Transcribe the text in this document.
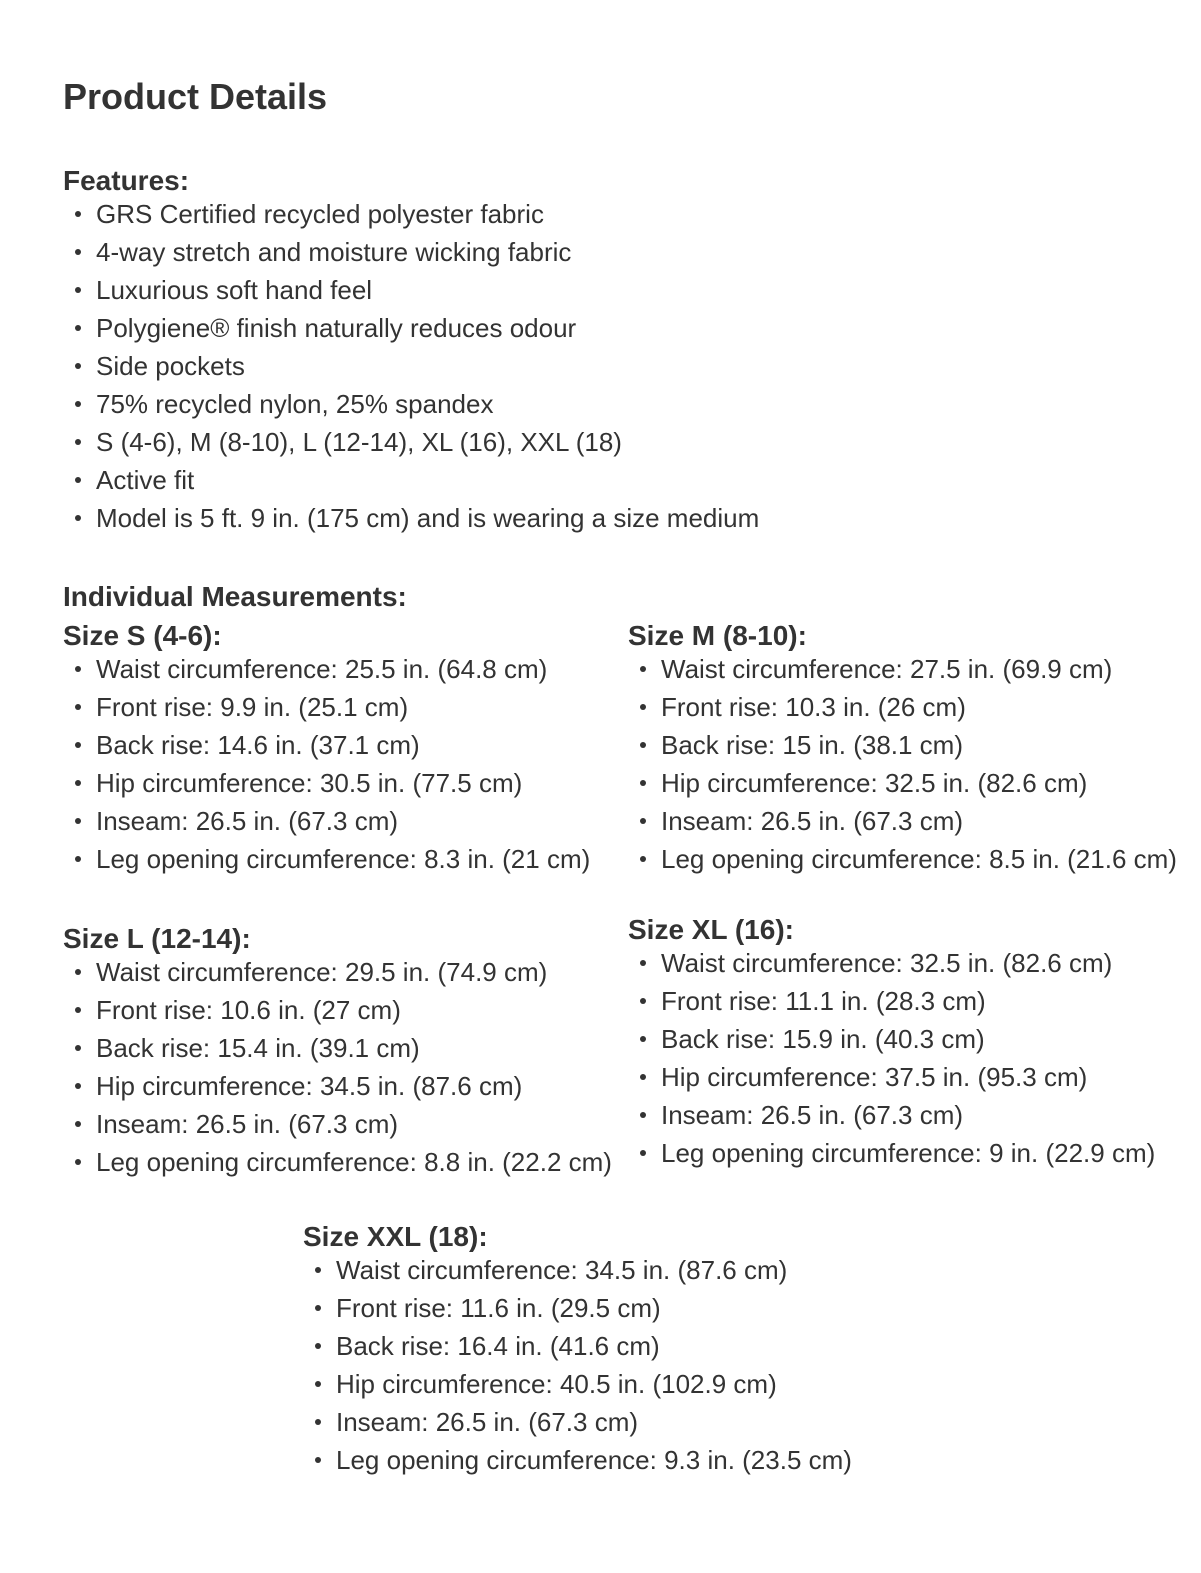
Product Details
Features:
GRS Certified recycled polyester fabric
4-way stretch and moisture wicking fabric
Luxurious soft hand feel
Polygiene® finish naturally reduces odour
Side pockets
75% recycled nylon, 25% spandex
S (4-6), M (8-10), L (12-14), XL (16), XXL (18)
Active fit
Model is 5 ft. 9 in. (175 cm) and is wearing a size medium
Individual Measurements:
Size S (4-6):
Waist circumference: 25.5 in. (64.8 cm)
Front rise: 9.9 in. (25.1 cm)
Back rise: 14.6 in. (37.1 cm)
Hip circumference: 30.5 in. (77.5 cm)
Inseam: 26.5 in. (67.3 cm)
Leg opening circumference: 8.3 in. (21 cm)
Size M (8-10):
Waist circumference: 27.5 in. (69.9 cm)
Front rise: 10.3 in. (26 cm)
Back rise: 15 in. (38.1 cm)
Hip circumference: 32.5 in. (82.6 cm)
Inseam: 26.5 in. (67.3 cm)
Leg opening circumference: 8.5 in. (21.6 cm)
Size L (12-14):
Waist circumference: 29.5 in. (74.9 cm)
Front rise: 10.6 in. (27 cm)
Back rise: 15.4 in. (39.1 cm)
Hip circumference: 34.5 in. (87.6 cm)
Inseam: 26.5 in. (67.3 cm)
Leg opening circumference: 8.8 in. (22.2 cm)
Size XL (16):
Waist circumference: 32.5 in. (82.6 cm)
Front rise: 11.1 in. (28.3 cm)
Back rise: 15.9 in. (40.3 cm)
Hip circumference: 37.5 in. (95.3 cm)
Inseam: 26.5 in. (67.3 cm)
Leg opening circumference: 9 in. (22.9 cm)
Size XXL (18):
Waist circumference: 34.5 in. (87.6 cm)
Front rise: 11.6 in. (29.5 cm)
Back rise: 16.4 in. (41.6 cm)
Hip circumference: 40.5 in. (102.9 cm)
Inseam: 26.5 in. (67.3 cm)
Leg opening circumference: 9.3 in. (23.5 cm)
